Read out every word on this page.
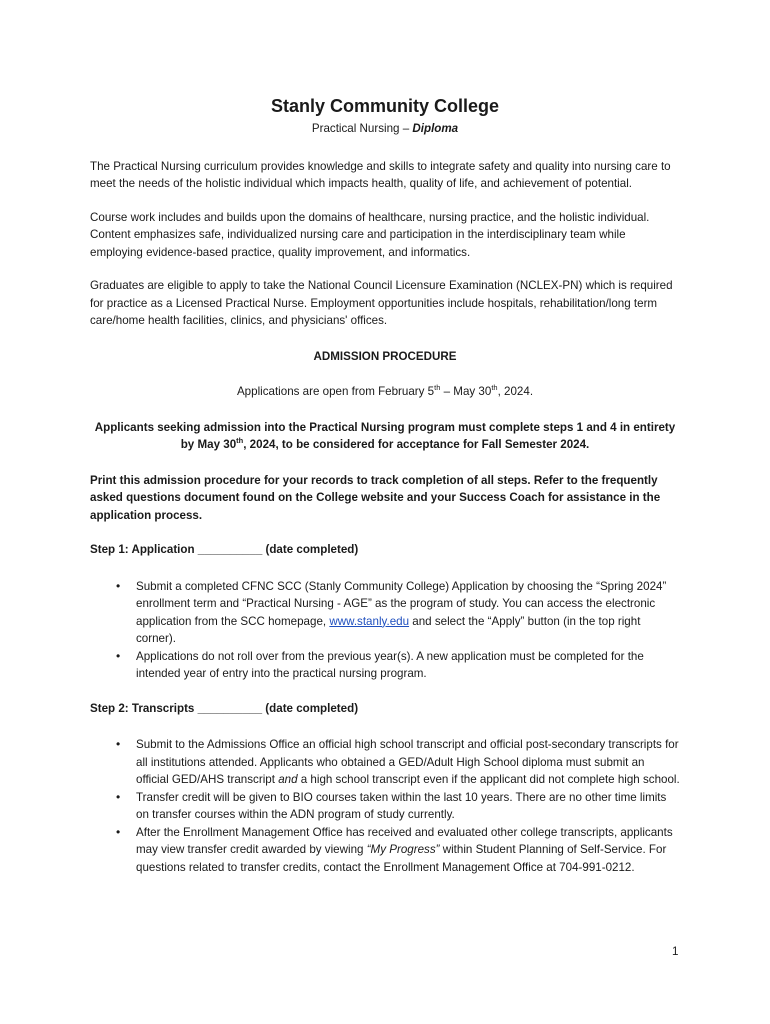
Stanly Community College

Practical Nursing – Diploma

The Practical Nursing curriculum provides knowledge and skills to integrate safety and quality into nursing care to meet the needs of the holistic individual which impacts health, quality of life, and achievement of potential.

Course work includes and builds upon the domains of healthcare, nursing practice, and the holistic individual. Content emphasizes safe, individualized nursing care and participation in the interdisciplinary team while employing evidence-based practice, quality improvement, and informatics.

Graduates are eligible to apply to take the National Council Licensure Examination (NCLEX-PN) which is required for practice as a Licensed Practical Nurse. Employment opportunities include hospitals, rehabilitation/long term care/home health facilities, clinics, and physicians' offices.

ADMISSION PROCEDURE

Applications are open from February 5th – May 30th, 2024.

Applicants seeking admission into the Practical Nursing program must complete steps 1 and 4 in entirety by May 30th, 2024, to be considered for acceptance for Fall Semester 2024.

Print this admission procedure for your records to track completion of all steps. Refer to the frequently asked questions document found on the College website and your Success Coach for assistance in the application process.

Step 1: Application __________ (date completed)

• Submit a completed CFNC SCC (Stanly Community College) Application by choosing the “Spring 2024” enrollment term and “Practical Nursing - AGE” as the program of study. You can access the electronic application from the SCC homepage, www.stanly.edu and select the “Apply” button (in the top right corner).
• Applications do not roll over from the previous year(s). A new application must be completed for the intended year of entry into the practical nursing program.

Step 2: Transcripts __________ (date completed)

• Submit to the Admissions Office an official high school transcript and official post-secondary transcripts for all institutions attended. Applicants who obtained a GED/Adult High School diploma must submit an official GED/AHS transcript and a high school transcript even if the applicant did not complete high school.
• Transfer credit will be given to BIO courses taken within the last 10 years. There are no other time limits on transfer courses within the ADN program of study currently.
• After the Enrollment Management Office has received and evaluated other college transcripts, applicants may view transfer credit awarded by viewing “My Progress” within Student Planning of Self-Service. For questions related to transfer credits, contact the Enrollment Management Office at 704-991-0212.
1
